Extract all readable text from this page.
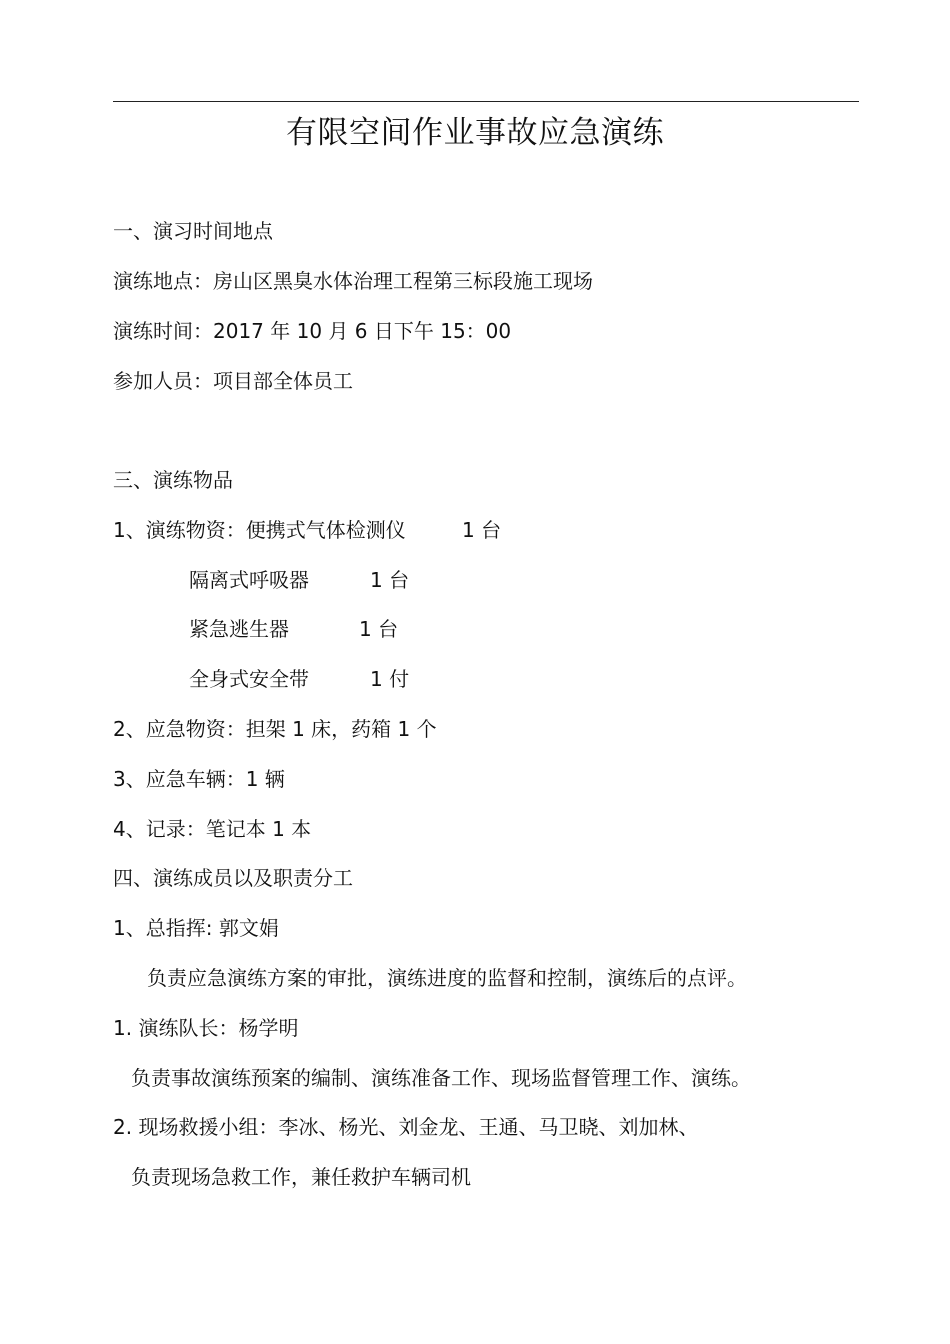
有限空间作业事故应急演练
一、演习时间地点
演练地点：房山区黑臭水体治理工程第三标段施工现场
演练时间：2017 年 10 月 6 日下午 15：00
参加人员：项目部全体员工
三、演练物品
1、演练物资：便携式气体检测仪	1 台
隔离式呼吸器	1 台
紧急逃生器	1 台
全身式安全带	1 付
2、应急物资：担架 1 床，药箱 1 个
3、应急车辆：1 辆
4、记录：笔记本 1 本
四、演练成员以及职责分工
1、总指挥: 郭文娟
负责应急演练方案的审批，演练进度的监督和控制，演练后的点评。
1. 演练队长：杨学明
负责事故演练预案的编制、演练准备工作、现场监督管理工作、演练。
2. 现场救援小组：李冰、杨光、刘金龙、王通、马卫晓、刘加林、
负责现场急救工作，兼任救护车辆司机
